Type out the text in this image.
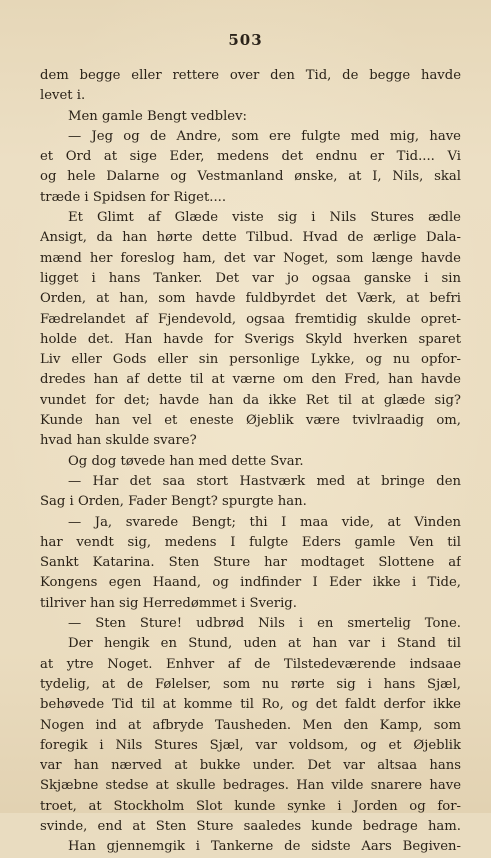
503
dem begge eller rettere over den Tid, de begge havde
levet i.
Men gamle Bengt vedblev:
— Jeg og de Andre, som ere fulgte med mig, have
et Ord at sige Eder, medens det endnu er Tid.... Vi
og hele Dalarne og Vestmanland ønske, at I, Nils, skal
træde i Spidsen for Riget....
Et Glimt af Glæde viste sig i Nils Stures ædle
Ansigt, da han hørte dette Tilbud. Hvad de ærlige Dala-
mænd her foreslog ham, det var Noget, som længe havde
ligget i hans Tanker. Det var jo ogsaa ganske i sin
Orden, at han, som havde fuldbyrdet det Værk, at befri
Fædrelandet af Fjendevold, ogsaa fremtidig skulde opret-
holde det. Han havde for Sverigs Skyld hverken sparet
Liv eller Gods eller sin personlige Lykke, og nu opfor-
dredes han af dette til at værne om den Fred, han havde
vundet for det; havde han da ikke Ret til at glæde sig?
Kunde han vel et eneste Øjeblik være tvivlraadig om,
hvad han skulde svare?
Og dog tøvede han med dette Svar.
— Har det saa stort Hastværk med at bringe den
Sag i Orden, Fader Bengt? spurgte han.
— Ja, svarede Bengt; thi I maa vide, at Vinden
har vendt sig, medens I fulgte Eders gamle Ven til
Sankt Katarina. Sten Sture har modtaget Slottene af
Kongens egen Haand, og indfinder I Eder ikke i Tide,
tilriver han sig Herredømmet i Sverig.
— Sten Sture! udbrød Nils i en smertelig Tone.
Der hengik en Stund, uden at han var i Stand til
at ytre Noget. Enhver af de Tilstedeværende indsaae
tydelig, at de Følelser, som nu rørte sig i hans Sjæl,
behøvede Tid til at komme til Ro, og det faldt derfor ikke
Nogen ind at afbryde Tausheden. Men den Kamp, som
foregik i Nils Stures Sjæl, var voldsom, og et Øjeblik
var han nærved at bukke under. Det var altsaa hans
Skjæbne stedse at skulle bedrages. Han vilde snarere have
troet, at Stockholm Slot kunde synke i Jorden og for-
svinde, end at Sten Sture saaledes kunde bedrage ham.
Han gjennemgik i Tankerne de sidste Aars Begiven-
